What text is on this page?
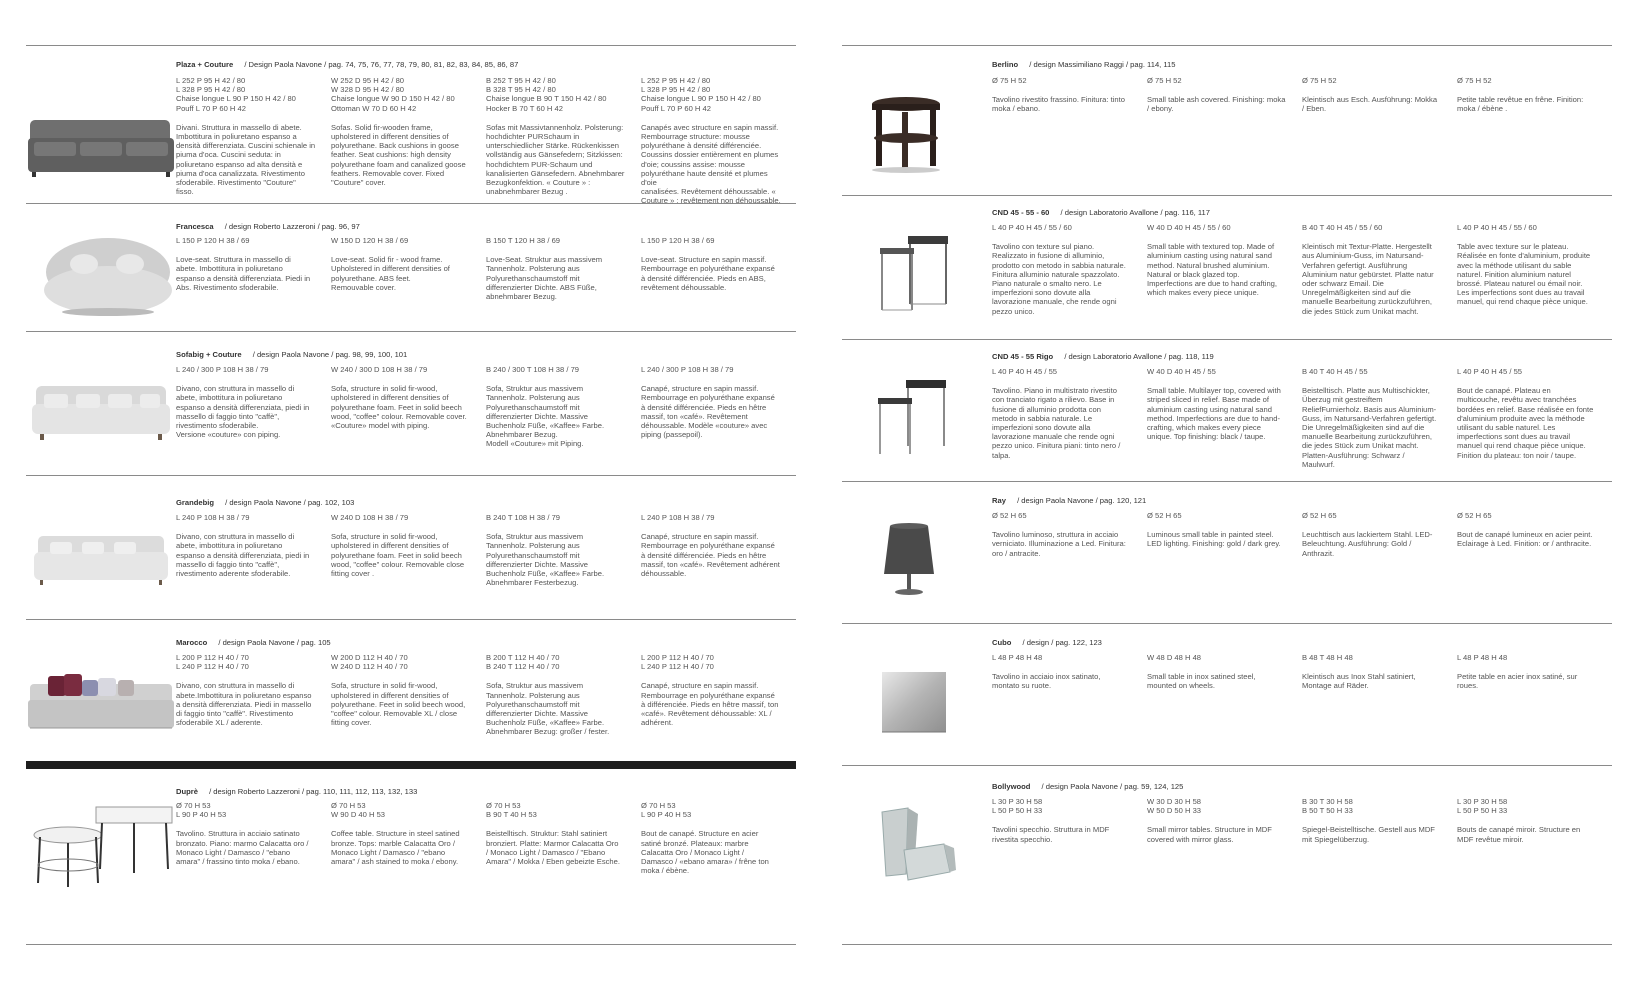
Plaza + Couture / Design Paola Navone / pag. 74, 75, 76, 77, 78, 79, 80, 81, 82, 83, 84, 85, 86, 87
L 252 P 95 H 42 / 80
L 328 P 95 H 42 / 80
Chaise longue L 90 P 150 H 42 / 80
Pouff L 70 P 60 H 42
Divani. Struttura in massello di abete.
Imbottitura in poliuretano espanso a
densità differenziata. Cuscini schienale in
piuma d'oca. Cuscini seduta: in
poliuretano espanso ad alta densità e
piuma d'oca canalizzata. Rivestimento
sfoderabile. Rivestimento "Couture"
fisso.
W 252 D 95 H 42 / 80
W 328 D 95 H 42 / 80
Chaise longue W 90 D 150 H 42 / 80
Ottoman W 70 D 60 H 42
Sofas. Solid fir-wooden frame,
upholstered in different densities of
polyurethane. Back cushions in goose
feather. Seat cushions: high density
polyurethane foam and canalized goose
feathers. Removable cover. Fixed
"Couture" cover.
B 252 T 95 H 42 / 80
B 328 T 95 H 42 / 80
Chaise longue B 90 T 150 H 42 / 80
Hocker B 70 T 60 H 42
Sofas mit Massivtannenholz. Polsterung:
hochdichter PURSchaum in
unterschiedlicher Stärke. Rückenkissen
vollständig aus Gänsefedern; Sitzkissen:
hochdichtem PUR-Schaum und
kanalisierten Gänsefedern. Abnehmbarer
Bezugkonfektion. « Couture » :
unabnehmbarer Bezug .
L 252 P 95 H 42 / 80
L 328 P 95 H 42 / 80
Chaise longue L 90 P 150 H 42 / 80
Pouff L 70 P 60 H 42
Canapés avec structure en sapin massif.
Rembourrage structure: mousse
polyuréthane à densité différenciée.
Coussins dossier entièrement en plumes
d'oie; coussins assise: mousse
polyuréthane haute densité et plumes d'oie
canalisées. Revêtement déhoussable. «
Couture » : revêtement non déhoussable.
Francesca / design Roberto Lazzeroni / pag. 96, 97
L 150 P 120 H 38 / 69
Love-seat. Struttura in massello di
abete. Imbottitura in poliuretano
espanso a densità differenziata. Piedi in
Abs. Rivestimento sfoderabile.
W 150 D 120 H 38 / 69
Love-seat. Solid fir - wood frame.
Upholstered in different densities of
polyurethane. ABS feet.
Remouvable cover.
B 150 T 120 H 38 / 69
Love-Seat. Struktur aus massivem
Tannenholz. Polsterung aus
Polyurethanschaumstoff mit
differenzierter Dichte. ABS Füße,
abnehmbarer Bezug.
L 150 P 120 H 38 / 69
Love-seat. Structure en sapin massif.
Rembourrage en polyuréthane expansé
à densité différenciée. Pieds en ABS,
revêtement déhoussable.
Sofabig + Couture / design Paola Navone / pag. 98, 99, 100, 101
L 240 / 300 P 108 H 38 / 79
Divano, con struttura in massello di
abete, imbottitura in poliuretano
espanso a densità differenziata, piedi in
massello di faggio tinto "caffè",
rivestimento sfoderabile.
Versione «couture» con piping.
W 240 / 300 D 108 H 38 / 79
Sofa, structure in solid fir-wood,
upholstered in different densities of
polyurethane foam. Feet in solid beech
wood, "coffee" colour. Removable cover.
«Couture» model with piping.
B 240 / 300 T 108 H 38 / 79
Sofa, Struktur aus massivem
Tannenholz. Polsterung aus
Polyurethanschaumstoff mit
differenzierter Dichte. Massive
Buchenholz Füße, «Kaffee» Farbe.
Abnehmbarer Bezug.
Modell «Couture» mit Piping.
L 240 / 300 P 108 H 38 / 79
Canapé, structure en sapin massif.
Rembourrage en polyuréthane expansé
à densité différenciée. Pieds en hêtre
massif, ton «café». Revêtement
déhoussable. Modèle «couture» avec
piping (passepoil).
Grandebig / design Paola Navone / pag. 102, 103
L 240 P 108 H 38 / 79
Divano, con struttura in massello di
abete, imbottitura in poliuretano
espanso a densità differenziata, piedi in
massello di faggio tinto "caffè",
rivestimento aderente sfoderabile.
W 240 D 108 H 38 / 79
Sofa, structure in solid fir-wood,
upholstered in different densities of
polyurethane foam. Feet in solid beech
wood, "coffee" colour. Removable close
fitting cover .
B 240 T 108 H 38 / 79
Sofa, Struktur aus massivem
Tannenholz. Polsterung aus
Polyurethanschaumstoff mit
differenzierter Dichte. Massive
Buchenholz Füße, «Kaffee» Farbe.
Abnehmbarer Festerbezug.
L 240 P 108 H 38 / 79
Canapé, structure en sapin massif.
Rembourrage en polyuréthane expansé
à densité différenciée. Pieds en hêtre
massif, ton «café». Revêtement adhérent
déhoussable.
Marocco / design Paola Navone / pag. 105
L 200 P 112 H 40 / 70
L 240 P 112 H 40 / 70
Divano, con struttura in massello di
abete.Imbottitura in poliuretano espanso
a densità differenziata. Piedi in massello
di faggio tinto "caffè". Rivestimento
sfoderabile XL / aderente.
W 200 D 112 H 40 / 70
W 240 D 112 H 40 / 70
Sofa, structure in solid fir-wood,
upholstered in different densities of
polyurethane. Feet in solid beech wood,
"coffee" colour. Removable XL / close
fitting cover.
B 200 T 112 H 40 / 70
B 240 T 112 H 40 / 70
Sofa, Struktur aus massivem
Tannenholz. Polsterung aus
Polyurethanschaumstoff mit
differenzierter Dichte. Massive
Buchenholz Füße, «Kaffee» Farbe.
Abnehmbarer Bezug: großer / fester.
L 200 P 112 H 40 / 70
L 240 P 112 H 40 / 70
Canapé, structure en sapin massif.
Rembourrage en polyuréthane expansé
à différenciée. Pieds en hêtre massif, ton
«café». Revêtement déhoussable: XL /
adhérent.
Duprè / design Roberto Lazzeroni / pag. 110, 111, 112, 113, 132, 133
Ø 70 H 53
L 90 P 40 H 53
Tavolino. Struttura in acciaio satinato
bronzato. Piano: marmo Calacatta oro /
Monaco Light / Damasco / "ebano
amara" / frassino tinto moka / ebano.
Ø 70 H 53
W 90 D 40 H 53
Coffee table. Structure in steel satined
bronze. Tops: marble Calacatta Oro /
Monaco Light / Damasco / "ebano
amara" / ash stained to moka / ebony.
Ø 70 H 53
B 90 T 40 H 53
Beistelltisch. Struktur: Stahl satiniert
bronziert. Platte: Marmor Calacatta Oro
/ Monaco Light / Damasco / "Ebano
Amara" / Mokka / Eben gebeizte Esche.
Ø 70 H 53
L 90 P 40 H 53
Bout de canapé. Structure en acier
satiné bronzé. Plateaux: marbre
Calacatta Oro / Monaco Light /
Damasco / «ebano amara» / frêne ton
moka / ébène.
Berlino / design Massimiliano Raggi / pag. 114, 115
Ø 75 H 52
Tavolino rivestito frassino. Finitura: tinto
moka / ebano.
Ø 75 H 52
Small table ash covered. Finishing: moka
/ ebony.
Ø 75 H 52
Kleintisch aus Esch. Ausführung: Mokka
/ Eben.
Ø 75 H 52
Petite table revêtue en frêne. Finition:
moka / ébène .
CND 45 - 55 - 60 / design Laboratorio Avallone / pag. 116, 117
L 40 P 40 H 45 / 55 / 60
Tavolino con texture sul piano.
Realizzato in fusione di alluminio,
prodotto con metodo in sabbia naturale.
Finitura alluminio naturale spazzolato.
Piano naturale o smalto nero. Le
imperfezioni sono dovute alla
lavorazione manuale, che rende ogni
pezzo unico.
W 40 D 40 H 45 / 55 / 60
Small table with textured top. Made of
aluminium casting using natural sand
method. Natural brushed aluminium.
Natural or black glazed top.
Imperfections are due to hand crafting,
which makes every piece unique.
B 40 T 40 H 45 / 55 / 60
Kleintisch mit Textur-Platte. Hergestellt
aus Aluminium-Guss, im Natursand-
Verfahren gefertigt. Ausführung
Aluminium natur gebürstet. Platte natur
oder schwarz Email. Die
Unregelmäßigkeiten sind auf die
manuelle Bearbeitung zurückzuführen,
die jedes Stück zum Unikat macht.
L 40 P 40 H 45 / 55 / 60
Table avec texture sur le plateau.
Réalisée en fonte d'aluminium, produite
avec la méthode utilisant du sable
naturel. Finition aluminium naturel
brossé. Plateau naturel ou émail noir.
Les imperfections sont dues au travail
manuel, qui rend chaque pièce unique.
CND 45 - 55 Rigo / design Laboratorio Avallone / pag. 118, 119
L 40 P 40 H 45 / 55
Tavolino. Piano in multistrato rivestito
con tranciato rigato a rilievo. Base in
fusione di alluminio prodotta con
metodo in sabbia naturale. Le
imperfezioni sono dovute alla
lavorazione manuale che rende ogni
pezzo unico. Finitura piani: tinto nero /
talpa.
W 40 D 40 H 45 / 55
Small table. Multilayer top, covered with
striped sliced in relief. Base made of
aluminium casting using natural sand
method. Imperfections are due to hand-
crafting, which makes every piece
unique. Top finishing: black / taupe.
B 40 T 40 H 45 / 55
Beistelltisch. Platte aus Multischickter,
Überzug mit gestreiftem
ReliefFurnierholz. Basis aus Aluminium-
Guss, im Natursand-Verfahren gefertigt.
Die Unregelmäßigkeiten sind auf die
manuelle Bearbeitung zurückzuführen,
die jedes Stück zum Unikat macht.
Platten-Ausführung: Schwarz /
Maulwurf.
L 40 P 40 H 45 / 55
Bout de canapé. Plateau en
multicouche, revêtu avec tranchées
bordées en relief. Base réalisée en fonte
d'aluminium produite avec la méthode
utilisant du sable naturel. Les
imperfections sont dues au travail
manuel qui rend chaque pièce unique.
Finition du plateau: ton noir / taupe.
Ray / design Paola Navone / pag. 120, 121
Ø 52 H 65
Tavolino luminoso, struttura in acciaio
verniciato. Illuminazione a Led. Finitura:
oro / antracite.
Ø 52 H 65
Luminous small table in painted steel.
LED lighting. Finishing: gold / dark grey.
Ø 52 H 65
Leuchttisch aus lackiertem Stahl. LED-
Beleuchtung. Ausführung: Gold /
Anthrazit.
Ø 52 H 65
Bout de canapé lumineux en acier peint.
Eclairage à Led. Finition: or / anthracite.
Cubo / design / pag. 122, 123
L 48 P 48 H 48
Tavolino in acciaio inox satinato,
montato su ruote.
W 48 D 48 H 48
Small table in inox satined steel,
mounted on wheels.
B 48 T 48 H 48
Kleintisch aus Inox Stahl satiniert,
Montage auf Räder.
L 48 P 48 H 48
Petite table en acier inox satiné, sur
roues.
Bollywood / design Paola Navone / pag. 59, 124, 125
L 30 P 30 H 58
L 50 P 50 H 33
Tavolini specchio. Struttura in MDF
rivestita specchio.
W 30 D 30 H 58
W 50 D 50 H 33
Small mirror tables. Structure in MDF
covered with mirror glass.
B 30 T 30 H 58
B 50 T 50 H 33
Spiegel-Beistelltische. Gestell aus MDF
mit Spiegelüberzug.
L 30 P 30 H 58
L 50 P 50 H 33
Bouts de canapé miroir. Structure en
MDF revêtue miroir.
